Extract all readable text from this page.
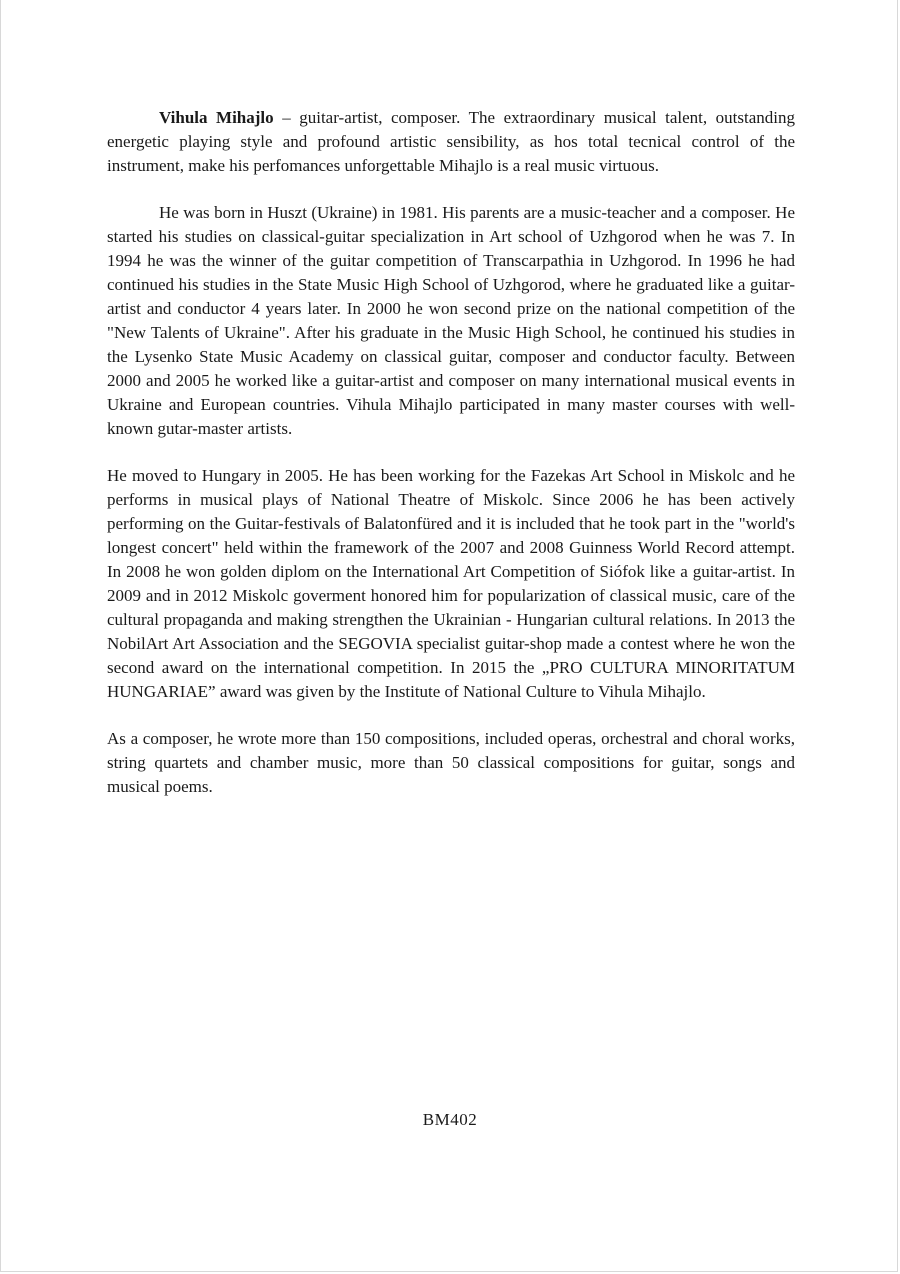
Vihula Mihajlo – guitar-artist, composer. The extraordinary musical talent, outstanding energetic playing style and profound artistic sensibility, as hos total tecnical control of the instrument, make his perfomances unforgettable Mihajlo is a real music virtuous.

He was born in Huszt (Ukraine) in 1981. His parents are a music-teacher and a composer. He started his studies on classical-guitar specialization in Art school of Uzhgorod when he was 7. In 1994 he was the winner of the guitar competition of Transcarpathia in Uzhgorod. In 1996 he had continued his studies in the State Music High School of Uzhgorod, where he graduated like a guitar-artist and conductor 4 years later. In 2000 he won second prize on the national competition of the "New Talents of Ukraine". After his graduate in the Music High School, he continued his studies in the Lysenko State Music Academy on classical guitar, composer and conductor faculty. Between 2000 and 2005 he worked like a guitar-artist and composer on many international musical events in Ukraine and European countries. Vihula Mihajlo participated in many master courses with well-known gutar-master artists.

He moved to Hungary in 2005. He has been working for the Fazekas Art School in Miskolc and he performs in musical plays of National Theatre of Miskolc. Since 2006 he has been actively performing on the Guitar-festivals of Balatonfüred and it is included that he took part in the "world's longest concert" held within the framework of the 2007 and 2008 Guinness World Record attempt. In 2008 he won golden diplom on the International Art Competition of Siófok like a guitar-artist. In 2009 and in 2012 Miskolc goverment honored him for popularization of classical music, care of the cultural propaganda and making strengthen the Ukrainian - Hungarian cultural relations. In 2013 the NobilArt Art Association and the SEGOVIA specialist guitar-shop made a contest where he won the second award on the international competition. In 2015 the „PRO CULTURA MINORITATUM HUNGARIAE” award was given by the Institute of National Culture to Vihula Mihajlo.

As a composer, he wrote more than 150 compositions, included operas, orchestral and choral works, string quartets and chamber music, more than 50 classical compositions for guitar, songs and musical poems.

BM402
